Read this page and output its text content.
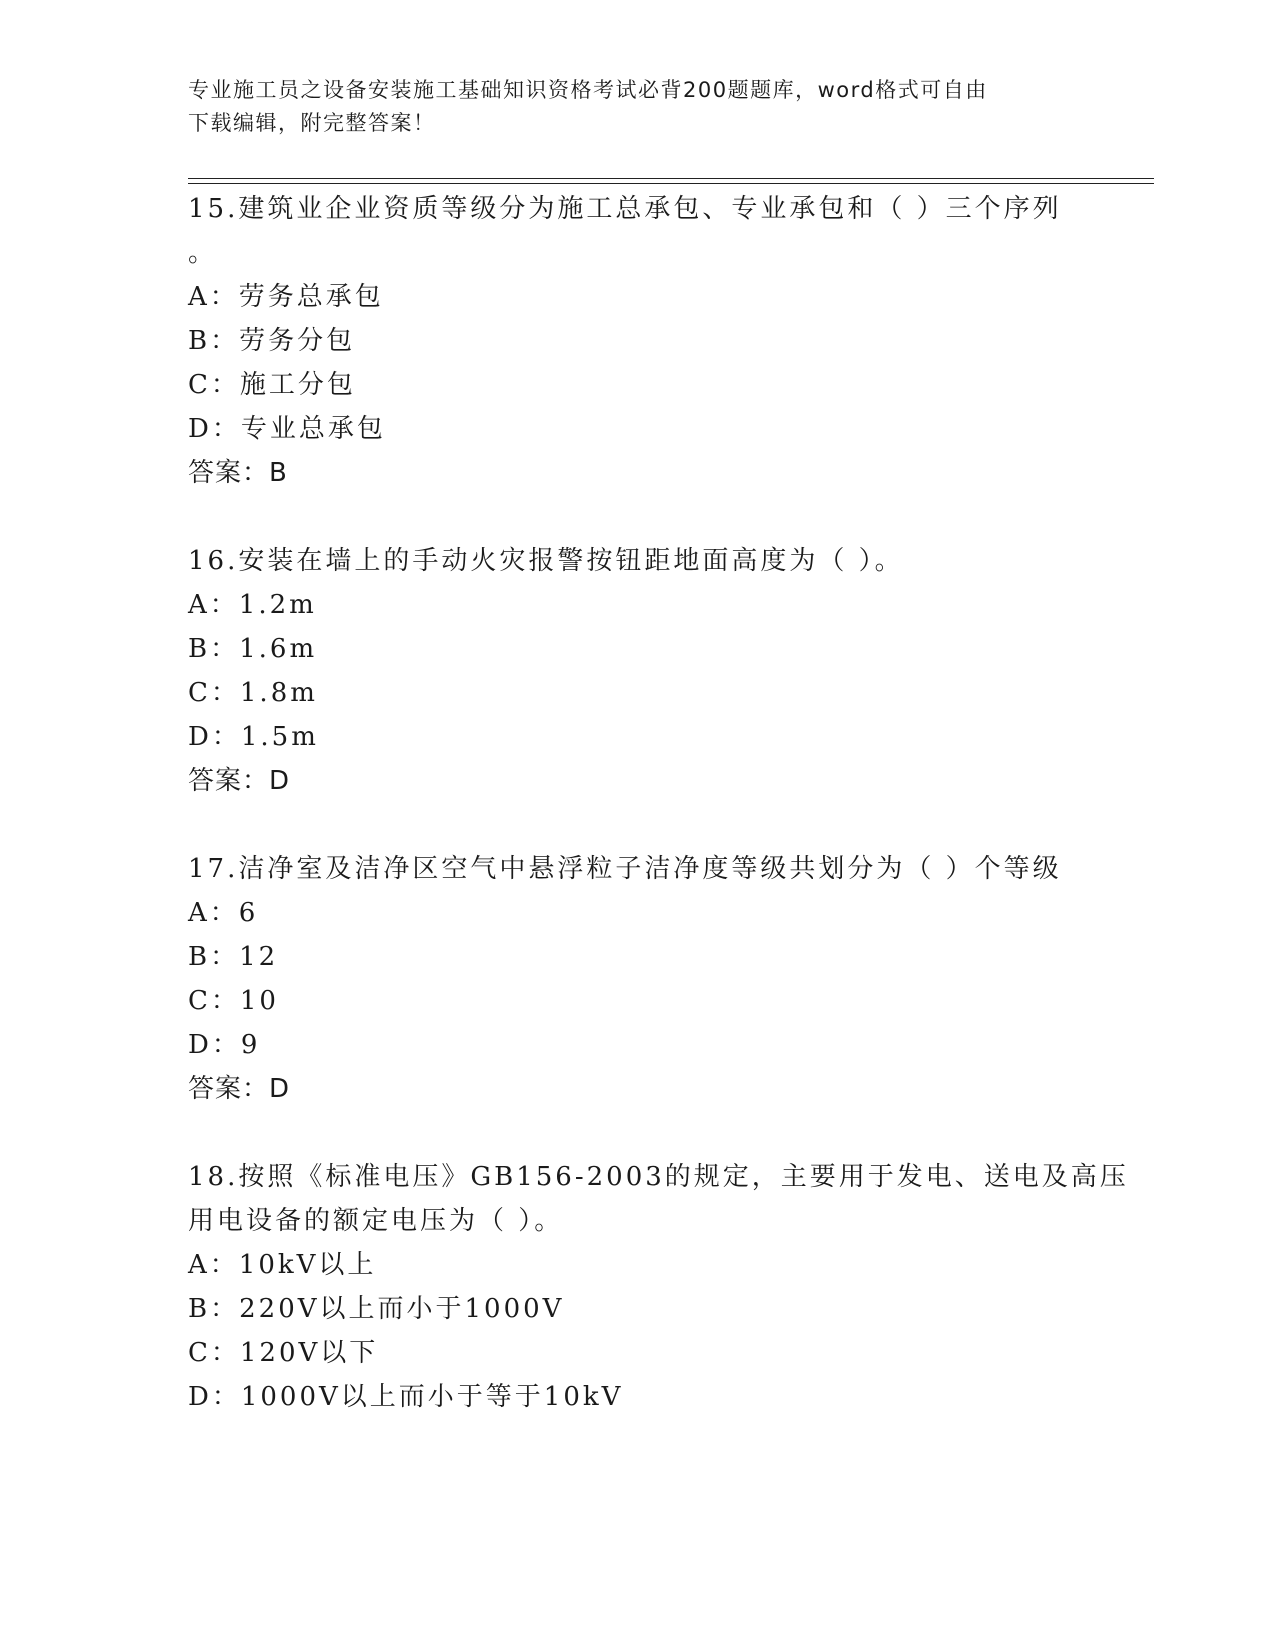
专业施工员之设备安装施工基础知识资格考试必背200题题库，word格式可自由
下载编辑，附完整答案！
15.建筑业企业资质等级分为施工总承包、专业承包和（ ）三个序列
。
A：劳务总承包
B：劳务分包
C：施工分包
D：专业总承包
答案：B
16.安装在墙上的手动火灾报警按钮距地面高度为（ ）。
A：1.2m
B：1.6m
C：1.8m
D：1.5m
答案：D
17.洁净室及洁净区空气中悬浮粒子洁净度等级共划分为（ ）个等级
A：6
B：12
C：10
D：9
答案：D
18.按照《标准电压》GB156-2003的规定，主要用于发电、送电及高压
用电设备的额定电压为（ ）。
A：10kV以上
B：220V以上而小于1000V
C：120V以下
D：1000V以上而小于等于10kV
